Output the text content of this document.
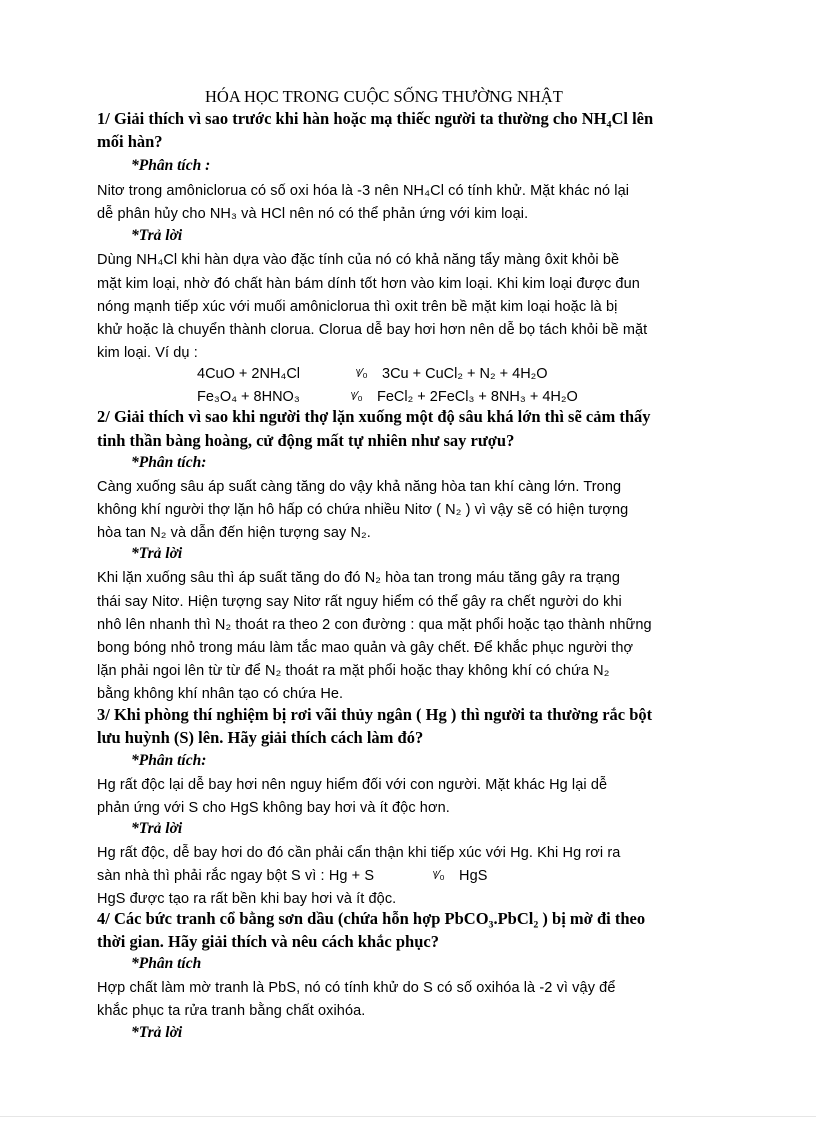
HÓA HỌC TRONG CUỘC SỐNG THƯỜNG NHẬT
1/ Giải thích vì sao trước khi hàn hoặc mạ thiếc người ta thường cho NH₄Cl lên
mối hàn?
*Phân tích :
Nitơ trong amôniclorua có số oxi hóa là -3 nên NH₄Cl có tính khử. Mặt khác nó lại
dễ phân hủy cho NH₃ và HCl nên nó có thể phản ứng với kim loại.
*Trả lời
Dùng NH₄Cl khi hàn dựa vào đặc tính của nó có khả năng tẩy màng ôxit khỏi bề
mặt kim loại, nhờ đó chất hàn bám dính tốt hơn vào kim loại. Khi kim loại được đun
nóng mạnh tiếp xúc với muối amôniclorua thì oxit trên bề mặt kim loại hoặc là bị
khử hoặc là chuyển thành clorua. Clorua dễ bay hơi hơn nên dễ bọ tách khỏi bề mặt
kim loại. Ví dụ :
4CuO + 2NH₄Cl	ᵞ⁄₀ 3Cu + CuCl₂ + N₂ + 4H₂O
Fe₃O₄ + 8HNO₃	ᵞ⁄₀ FeCl₂ + 2FeCl₃ + 8NH₃ + 4H₂O
2/ Giải thích vì sao khi người thợ lặn xuống một độ sâu khá lớn thì sẽ cảm thấy
tinh thần bàng hoàng, cử động mất tự nhiên như say rượu?
*Phân tích:
Càng xuống sâu áp suất càng tăng do vậy khả năng hòa tan khí càng lớn. Trong
không khí người thợ lặn hô hấp có chứa nhiều Nitơ ( N₂ ) vì vậy sẽ có hiện tượng
hòa tan N₂ và dẫn đến hiện tượng say N₂.
*Trả lời
Khi lặn xuống sâu thì áp suất tăng do đó N₂ hòa tan trong máu tăng gây ra trạng
thái say Nitơ. Hiện tượng say Nitơ rất nguy hiểm có thể gây ra chết người do khi
nhô lên nhanh thì N₂ thoát ra theo 2 con đường : qua mặt phổi hoặc tạo thành những
bong bóng nhỏ trong máu làm tắc mao quản và gây chết. Để khắc phục người thợ
lặn phải ngoi lên từ từ để N₂ thoát ra mặt phổi hoặc thay không khí có chứa N₂
bằng không khí nhân tạo có chứa He.
3/ Khi phòng thí nghiệm bị rơi vãi thủy ngân ( Hg ) thì người ta thường rắc bột
lưu huỳnh (S) lên. Hãy giải thích cách làm đó?
*Phân tích:
Hg rất độc lại dễ bay hơi nên nguy hiểm đối với con người. Mặt khác Hg lại dễ
phản ứng với S cho HgS không bay hơi và ít độc hơn.
*Trả lời
Hg rất độc, dễ bay hơi do đó cần phải cẩn thận khi tiếp xúc với Hg. Khi Hg rơi ra
sàn nhà thì phải rắc ngay bột S vì : Hg + S	ᵞ⁄₀ HgS
HgS được tạo ra rất bền khi bay hơi và ít độc.
4/ Các bức tranh cổ bằng sơn dầu (chứa hỗn hợp PbCO₃.PbCl₂ ) bị mờ đi theo
thời gian. Hãy giải thích và nêu cách khắc phục?
*Phân tích
Hợp chất làm mờ tranh là PbS, nó có tính khử do S có số oxihóa là -2 vì vậy để
khắc phục ta rửa tranh bằng chất oxihóa.
*Trả lời
